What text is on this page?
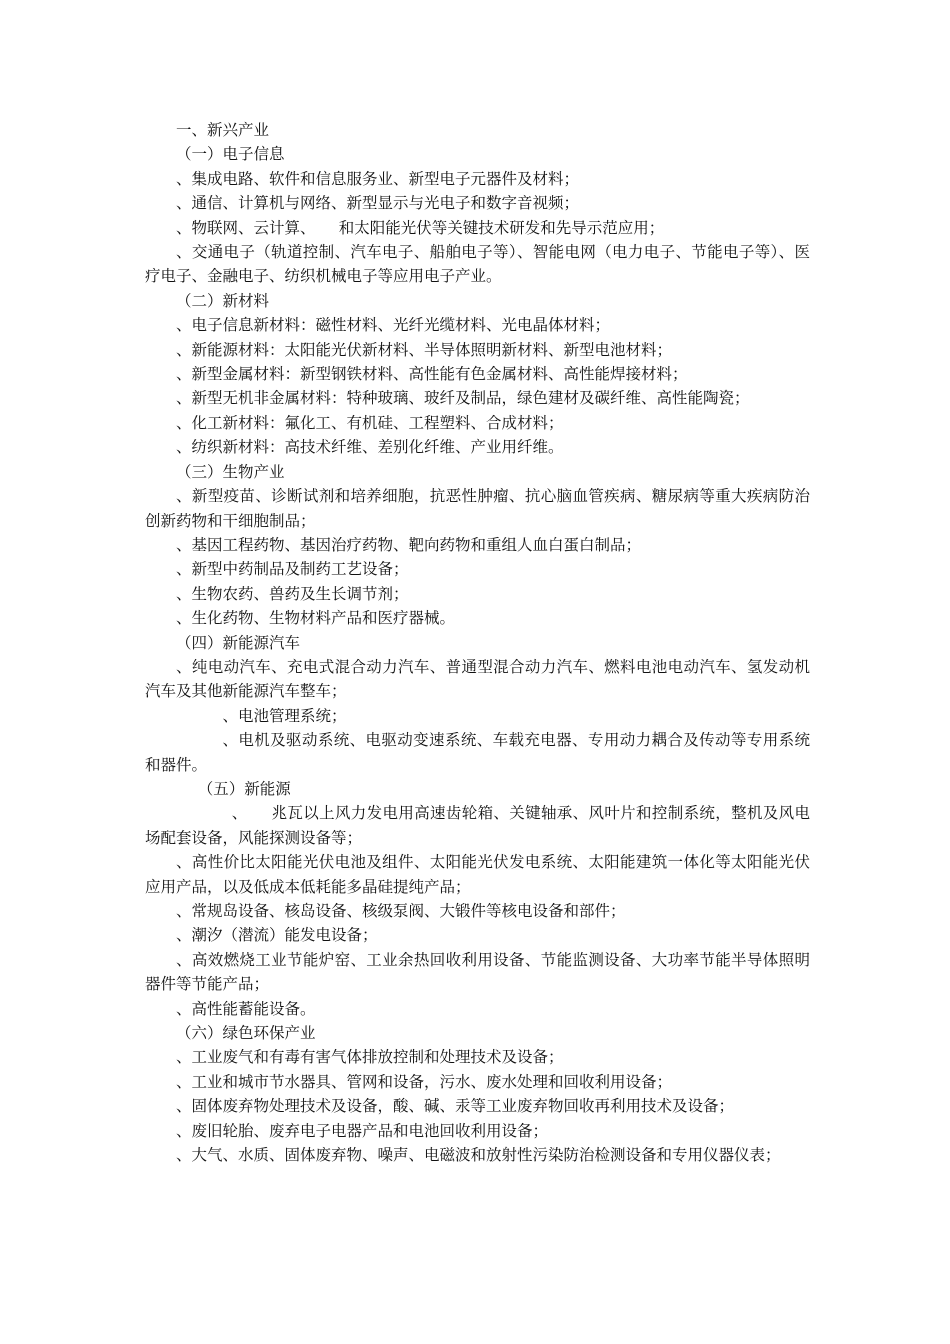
一、新兴产业

（一）电子信息

、集成电路、软件和信息服务业、新型电子元器件及材料；

、通信、计算机与网络、新型显示与光电子和数字音视频；

、物联网、云计算、　　和太阳能光伏等关键技术研发和先导示范应用；

、交通电子（轨道控制、汽车电子、船舶电子等）、智能电网（电力电子、节能电子等）、医疗电子、金融电子、纺织机械电子等应用电子产业。

（二）新材料

、电子信息新材料：磁性材料、光纤光缆材料、光电晶体材料；

、新能源材料：太阳能光伏新材料、半导体照明新材料、新型电池材料；

、新型金属材料：新型钢铁材料、高性能有色金属材料、高性能焊接材料；

、新型无机非金属材料：特种玻璃、玻纤及制品，绿色建材及碳纤维、高性能陶瓷；

、化工新材料：氟化工、有机硅、工程塑料、合成材料；

、纺织新材料：高技术纤维、差别化纤维、产业用纤维。

（三）生物产业

、新型疫苗、诊断试剂和培养细胞，抗恶性肿瘤、抗心脑血管疾病、糖尿病等重大疾病防治创新药物和干细胞制品；

、基因工程药物、基因治疗药物、靶向药物和重组人血白蛋白制品；

、新型中药制品及制药工艺设备；

、生物农药、兽药及生长调节剂；

、生化药物、生物材料产品和医疗器械。

（四）新能源汽车

、纯电动汽车、充电式混合动力汽车、普通型混合动力汽车、燃料电池电动汽车、氢发动机汽车及其他新能源汽车整车；

、电池管理系统；

、电机及驱动系统、电驱动变速系统、车载充电器、专用动力耦合及传动等专用系统和器件。

（五）新能源

、　　兆瓦以上风力发电用高速齿轮箱、关键轴承、风叶片和控制系统，整机及风电场配套设备，风能探测设备等；

、高性价比太阳能光伏电池及组件、太阳能光伏发电系统、太阳能建筑一体化等太阳能光伏应用产品，以及低成本低耗能多晶硅提纯产品；

、常规岛设备、核岛设备、核级泵阀、大锻件等核电设备和部件；

、潮汐（潜流）能发电设备；

、高效燃烧工业节能炉窑、工业余热回收利用设备、节能监测设备、大功率节能半导体照明器件等节能产品；

、高性能蓄能设备。

（六）绿色环保产业

、工业废气和有毒有害气体排放控制和处理技术及设备；

、工业和城市节水器具、管网和设备，污水、废水处理和回收利用设备；

、固体废弃物处理技术及设备，酸、碱、汞等工业废弃物回收再利用技术及设备；

、废旧轮胎、废弃电子电器产品和电池回收利用设备；

、大气、水质、固体废弃物、噪声、电磁波和放射性污染防治检测设备和专用仪器仪表；
